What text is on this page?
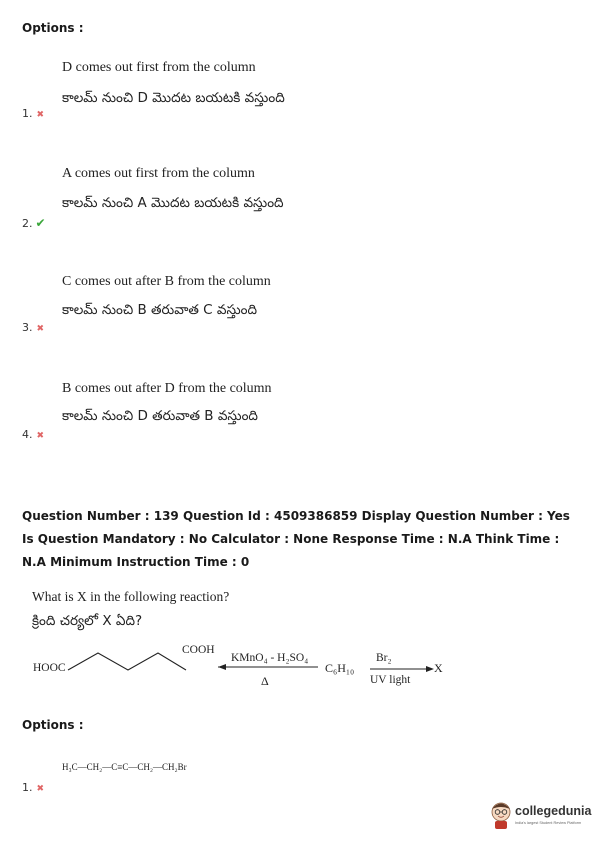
Options :
D comes out first from the column
కాలమ్ నుంచి D మొదట బయటకి వస్తుంది
1. ✖
A comes out first from the column
కాలమ్ నుంచి A మొదట బయటకి వస్తుంది
2. ✔
C comes out after B from the column
కాలమ్ నుంచి B తరువాత C వస్తుంది
3. ✖
B comes out after D from the column
కాలమ్ నుంచి D తరువాత B వస్తుంది
4. ✖
Question Number : 139 Question Id : 4509386859 Display Question Number : Yes Is Question Mandatory : No Calculator : None Response Time : N.A Think Time : N.A Minimum Instruction Time : 0
What is X in the following reaction?
క్రింది చర్యలో X ఏది?
HOOC
COOH
KMnO₄ - H₂SO₄
Δ
C₆H₁₀
Br₂
UV light
X
Options :
H₃C—CH₂—C≡C—CH₂—CH₂Br
1. ✖
collegedunia
India's largest Student Review Platform
